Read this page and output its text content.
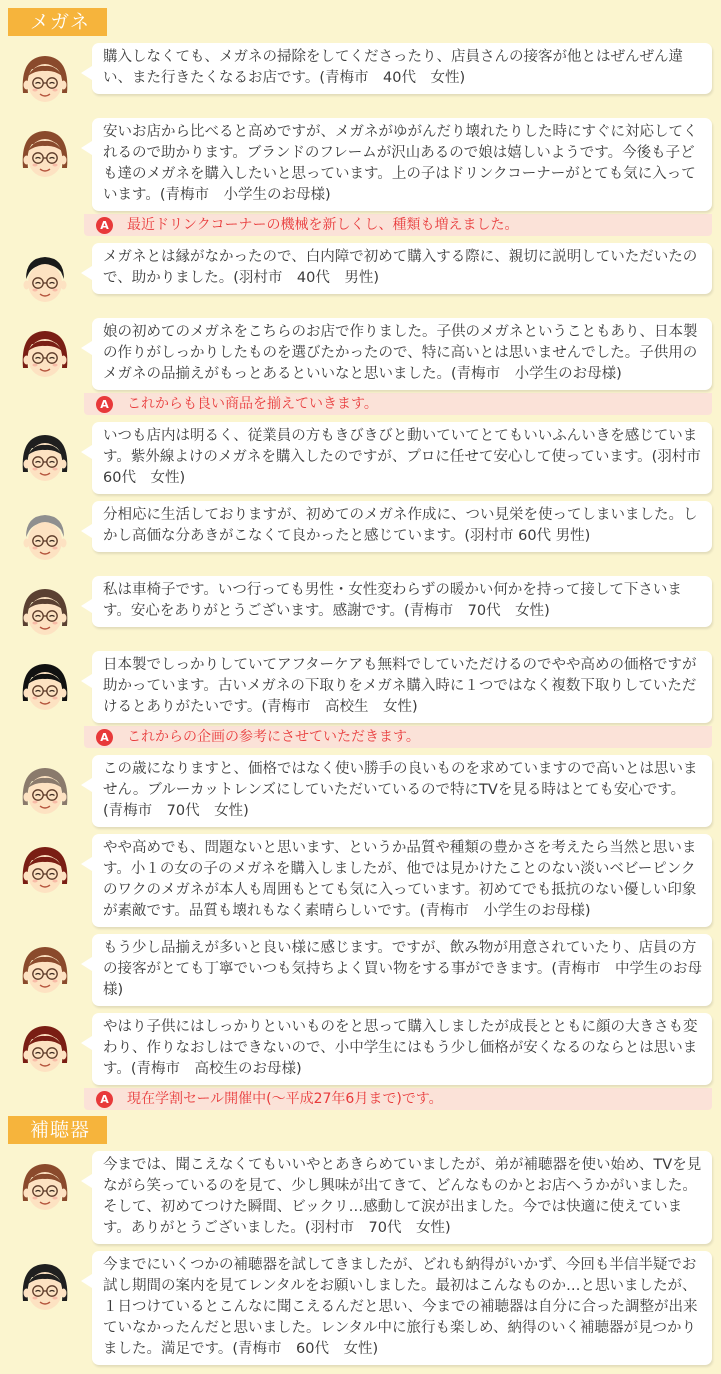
メガネ
購入しなくても、メガネの掃除をしてくださったり、店員さんの接客が他とはぜんぜん違い、また行きたくなるお店です。(青梅市　40代　女性)
安いお店から比べると高めですが、メガネがゆがんだり壊れたりした時にすぐに対応してくれるので助かります。ブランドのフレームが沢山あるので娘は嬉しいようです。今後も子ども達のメガネを購入したいと思っています。上の子はドリンクコーナーがとても気に入っています。(青梅市　小学生のお母様)
A	最近ドリンクコーナーの機械を新しくし、種類も増えました。
メガネとは縁がなかったので、白内障で初めて購入する際に、親切に説明していただいたので、助かりました。(羽村市　40代　男性)
娘の初めてのメガネをこちらのお店で作りました。子供のメガネということもあり、日本製の作りがしっかりしたものを選びたかったので、特に高いとは思いませんでした。子供用のメガネの品揃えがもっとあるといいなと思いました。(青梅市　小学生のお母様)
A	これからも良い商品を揃えていきます。
いつも店内は明るく、従業員の方もきびきびと動いていてとてもいいふんいきを感じています。紫外線よけのメガネを購入したのですが、プロに任せて安心して使っています。(羽村市　60代　女性)
分相応に生活しておりますが、初めてのメガネ作成に、つい見栄を使ってしまいました。しかし高価な分あきがこなくて良かったと感じています。(羽村市 60代 男性)
私は車椅子です。いつ行っても男性・女性変わらずの暖かい何かを持って接して下さいます。安心をありがとうございます。感謝です。(青梅市　70代　女性)
日本製でしっかりしていてアフターケアも無料でしていただけるのでやや高めの価格ですが助かっています。古いメガネの下取りをメガネ購入時に１つではなく複数下取りしていただけるとありがたいです。(青梅市　高校生　女性)
A	これからの企画の参考にさせていただきます。
この歳になりますと、価格ではなく使い勝手の良いものを求めていますので高いとは思いません。ブルーカットレンズにしていただいているので特にTVを見る時はとても安心です。(青梅市　70代　女性)
やや高めでも、問題ないと思います、というか品質や種類の豊かさを考えたら当然と思います。小１の女の子のメガネを購入しましたが、他では見かけたことのない淡いベビーピンクのワクのメガネが本人も周囲もとても気に入っています。初めてでも抵抗のない優しい印象が素敵です。品質も壊れもなく素晴らしいです。(青梅市　小学生のお母様)
もう少し品揃えが多いと良い様に感じます。ですが、飲み物が用意されていたり、店員の方の接客がとても丁寧でいつも気持ちよく買い物をする事ができます。(青梅市　中学生のお母様)
やはり子供にはしっかりといいものをと思って購入しましたが成長とともに顔の大きさも変わり、作りなおしはできないので、小中学生にはもう少し価格が安くなるのならとは思います。(青梅市　高校生のお母様)
A	現在学割セール開催中(～平成27年6月まで)です。
補聴器
今までは、聞こえなくてもいいやとあきらめていましたが、弟が補聴器を使い始め、TVを見ながら笑っているのを見て、少し興味が出てきて、どんなものかとお店へうかがいました。そして、初めてつけた瞬間、ビックリ…感動して涙が出ました。今では快適に使えています。ありがとうございました。(羽村市　70代　女性)
今までにいくつかの補聴器を試してきましたが、どれも納得がいかず、今回も半信半疑でお試し期間の案内を見てレンタルをお願いしました。最初はこんなものか…と思いましたが、１日つけているとこんなに聞こえるんだと思い、今までの補聴器は自分に合った調整が出来ていなかったんだと思いました。レンタル中に旅行も楽しめ、納得のいく補聴器が見つかりました。満足です。(青梅市　60代　女性)
